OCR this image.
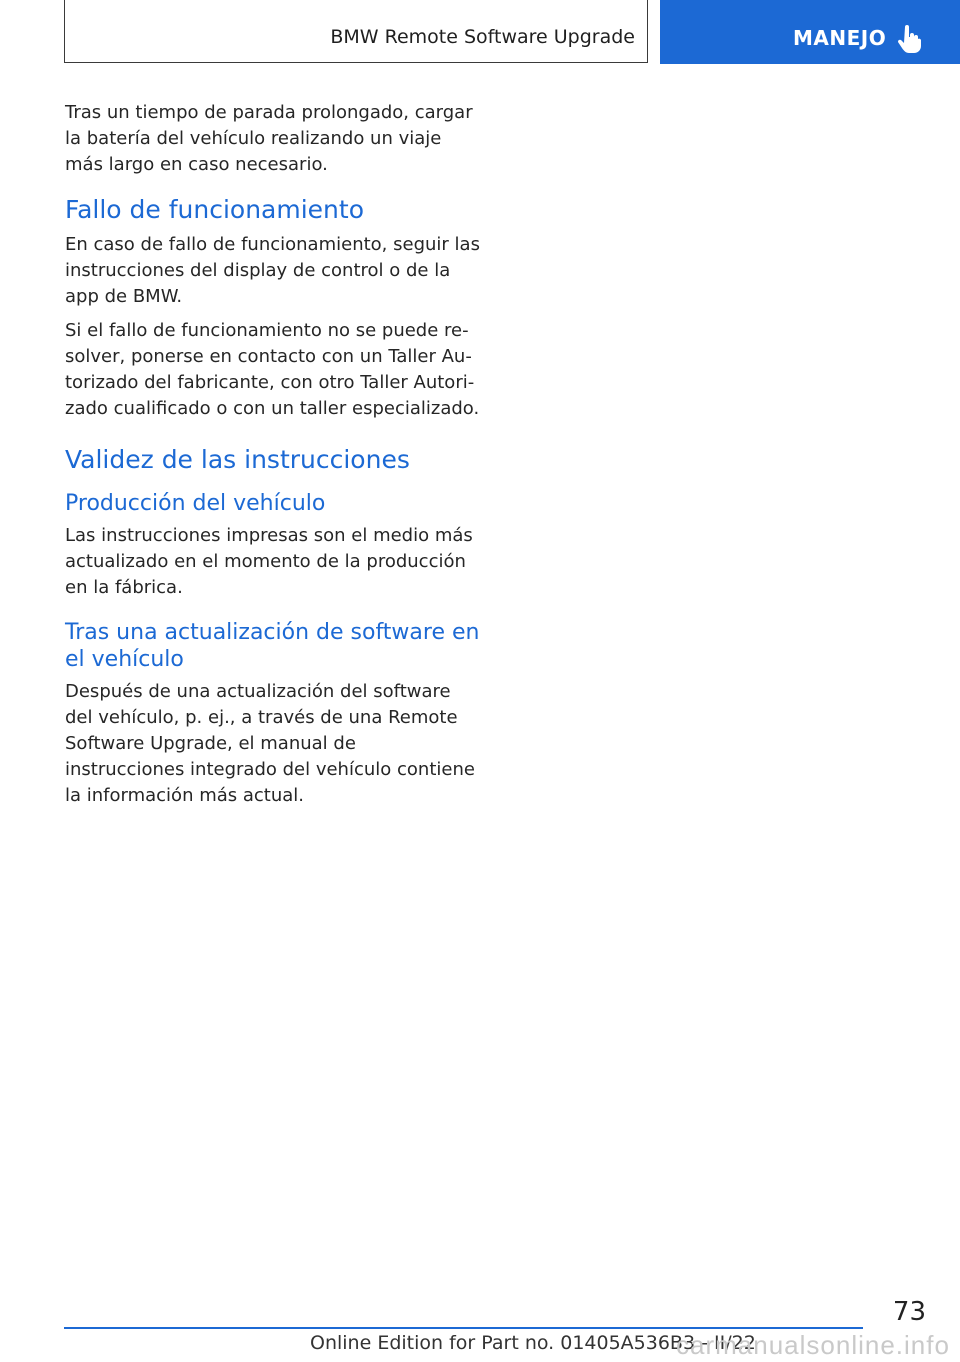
BMW Remote Software Upgrade	MANEJO

Tras un tiempo de parada prolongado, cargar la batería del vehículo realizando un viaje más largo en caso necesario.

Fallo de funcionamiento

En caso de fallo de funcionamiento, seguir las instrucciones del display de control o de la app de BMW.

Si el fallo de funcionamiento no se puede resolver, ponerse en contacto con un Taller Autorizado del fabricante, con otro Taller Autorizado cualificado o con un taller especializado.

Validez de las instrucciones
Producción del vehículo

Las instrucciones impresas son el medio más actualizado en el momento de la producción en la fábrica.

Tras una actualización de software en el vehículo

Después de una actualización del software del vehículo, p. ej., a través de una Remote Software Upgrade, el manual de instrucciones integrado del vehículo contiene la información más actual.

73
Online Edition for Part no. 01405A536B3 - II/22
carmanualsonline.info
